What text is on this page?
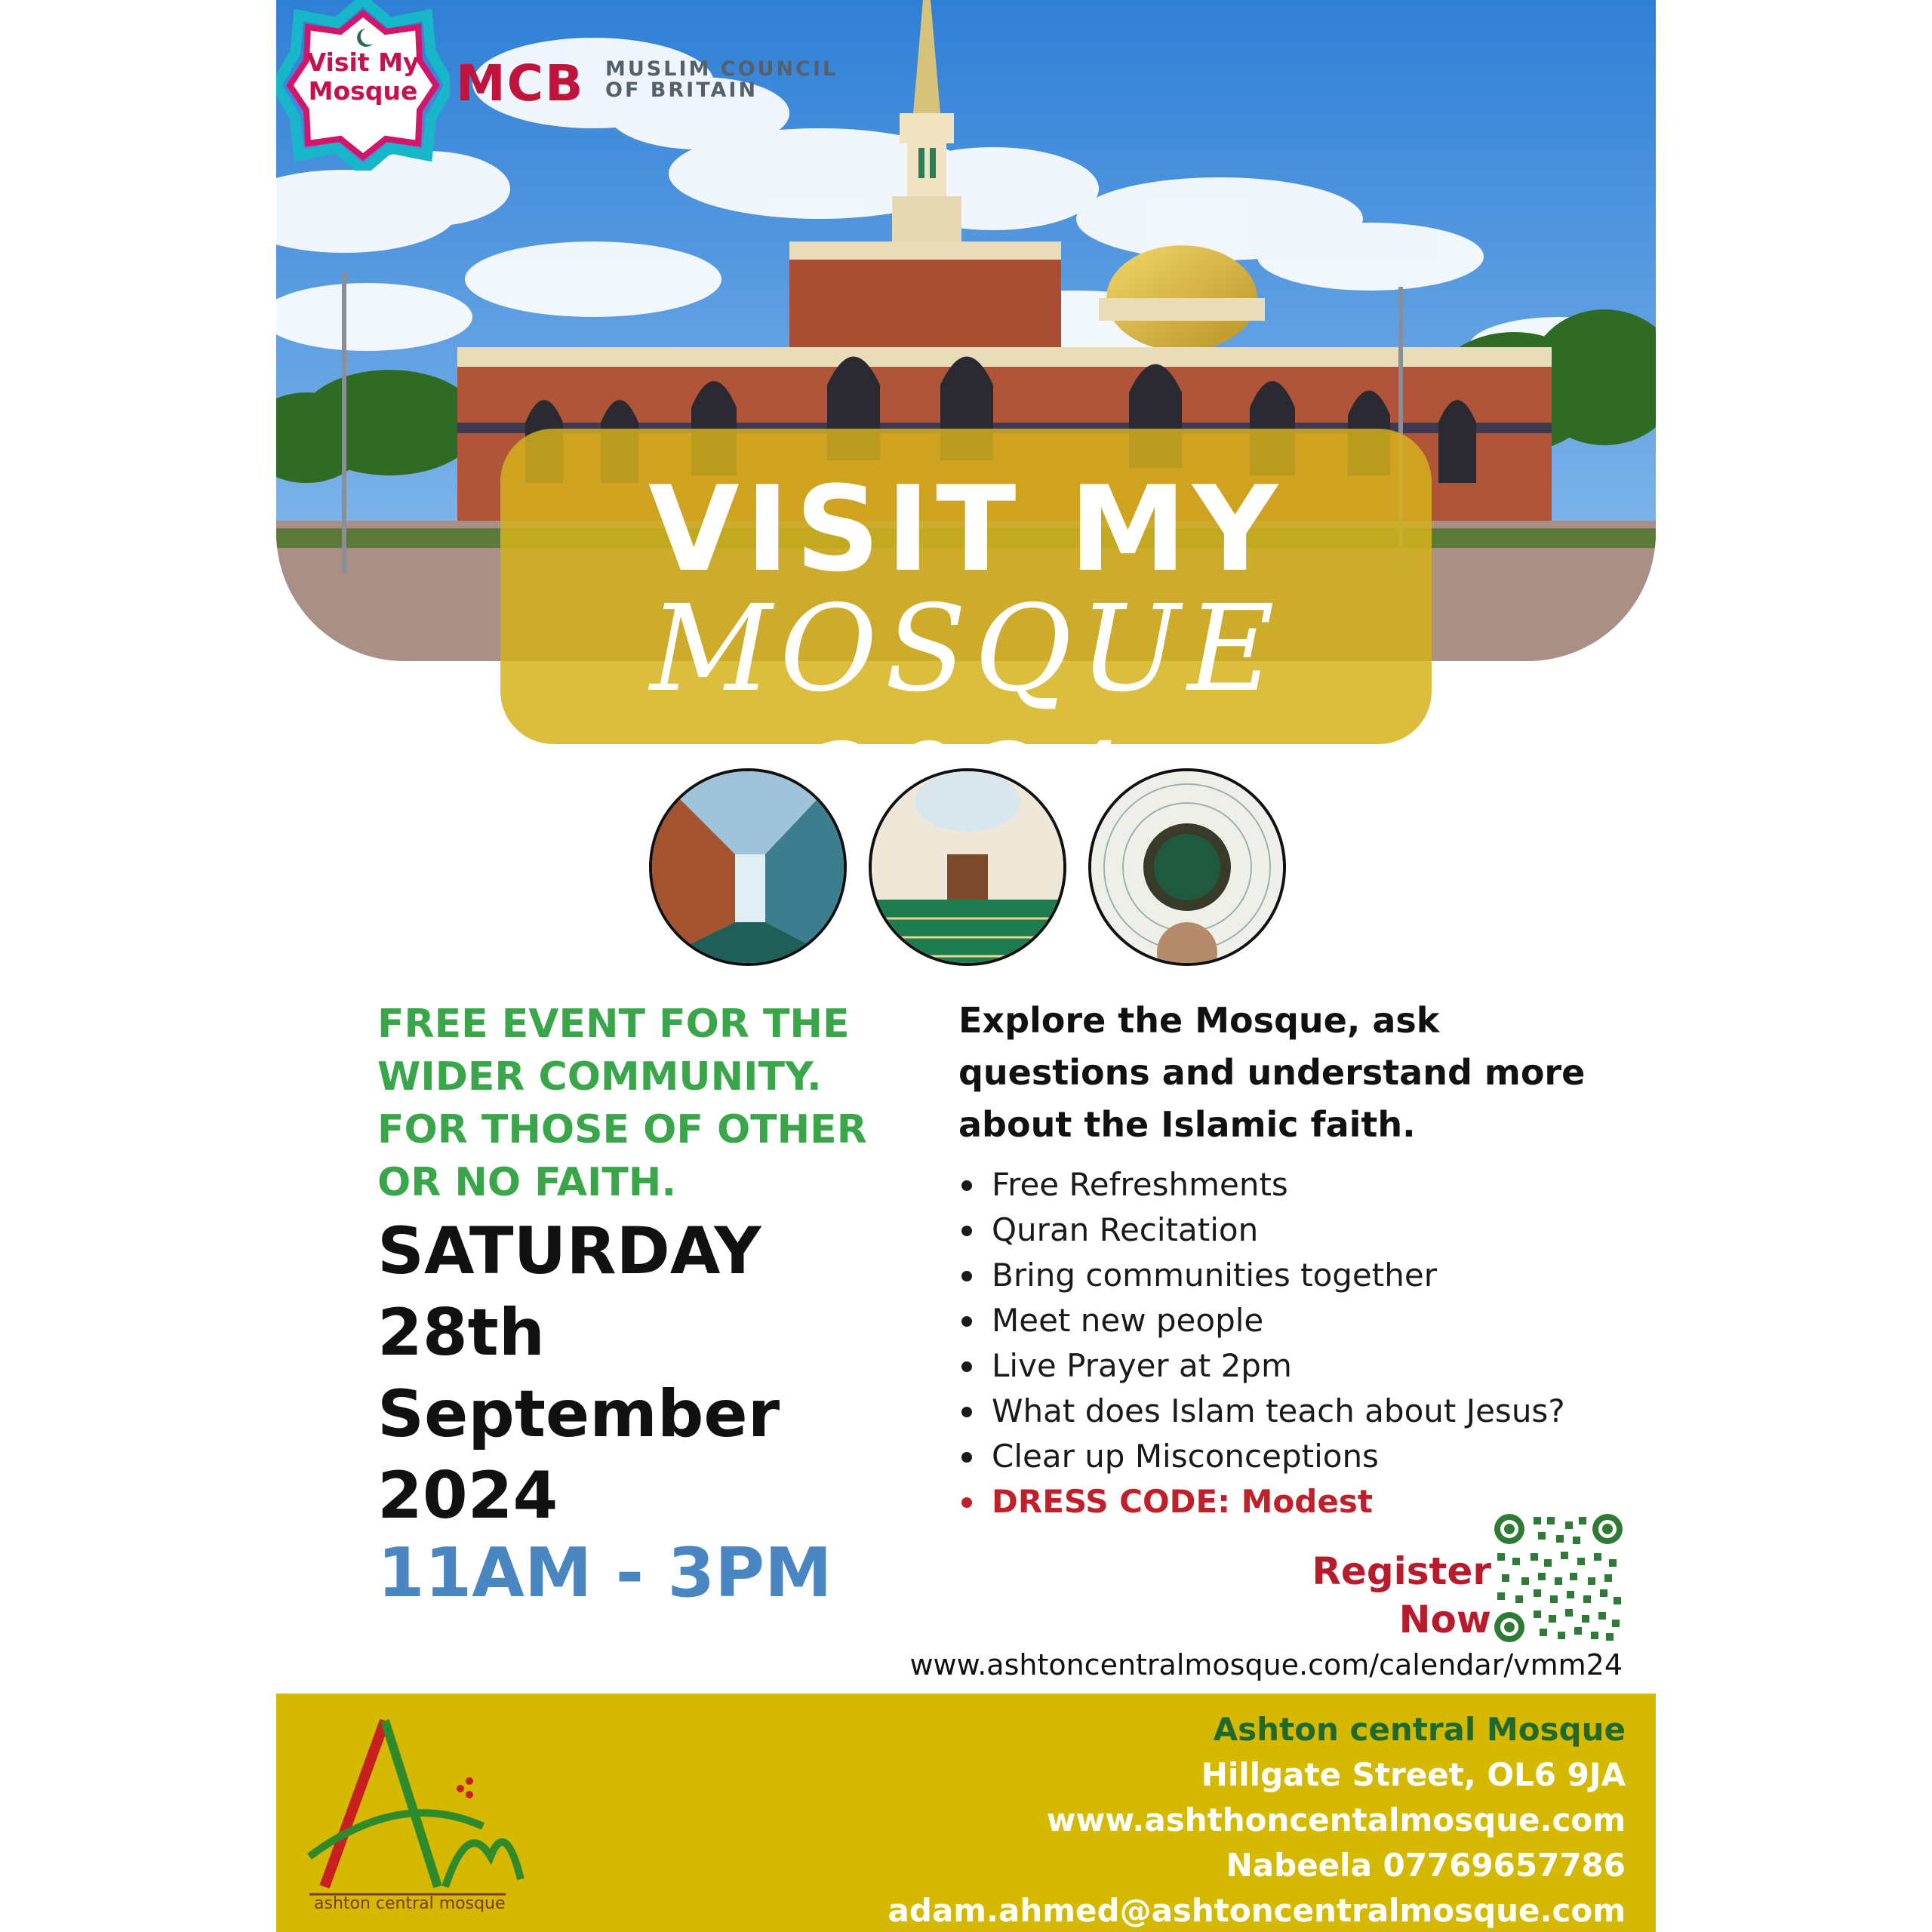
Visit My Mosque MCB MUSLIM COUNCIL
OF BRITAIN
VISIT MY
MOSQUE
FREE EVENT FOR THE WIDER COMMUNITY. FOR THOSE OF OTHER OR NO FAITH.
SATURDAY
28th
September
2024
11AM - 3PM
Explore the Mosque, ask questions and understand more about the Islamic faith.
Free Refreshments
Quran Recitation
Bring communities together
Meet new people
Live Prayer at 2pm
What does Islam teach about Jesus?
Clear up Misconceptions
DRESS CODE: Modest
Register
Now
www.ashtoncentralmosque.com/calendar/vmm24
ashton central mosque
Ashton central Mosque
Hillgate Street, OL6 9JA
www.ashthoncentalmosque.com
Nabeela 07769657786
adam.ahmed@ashtoncentralmosque.com
